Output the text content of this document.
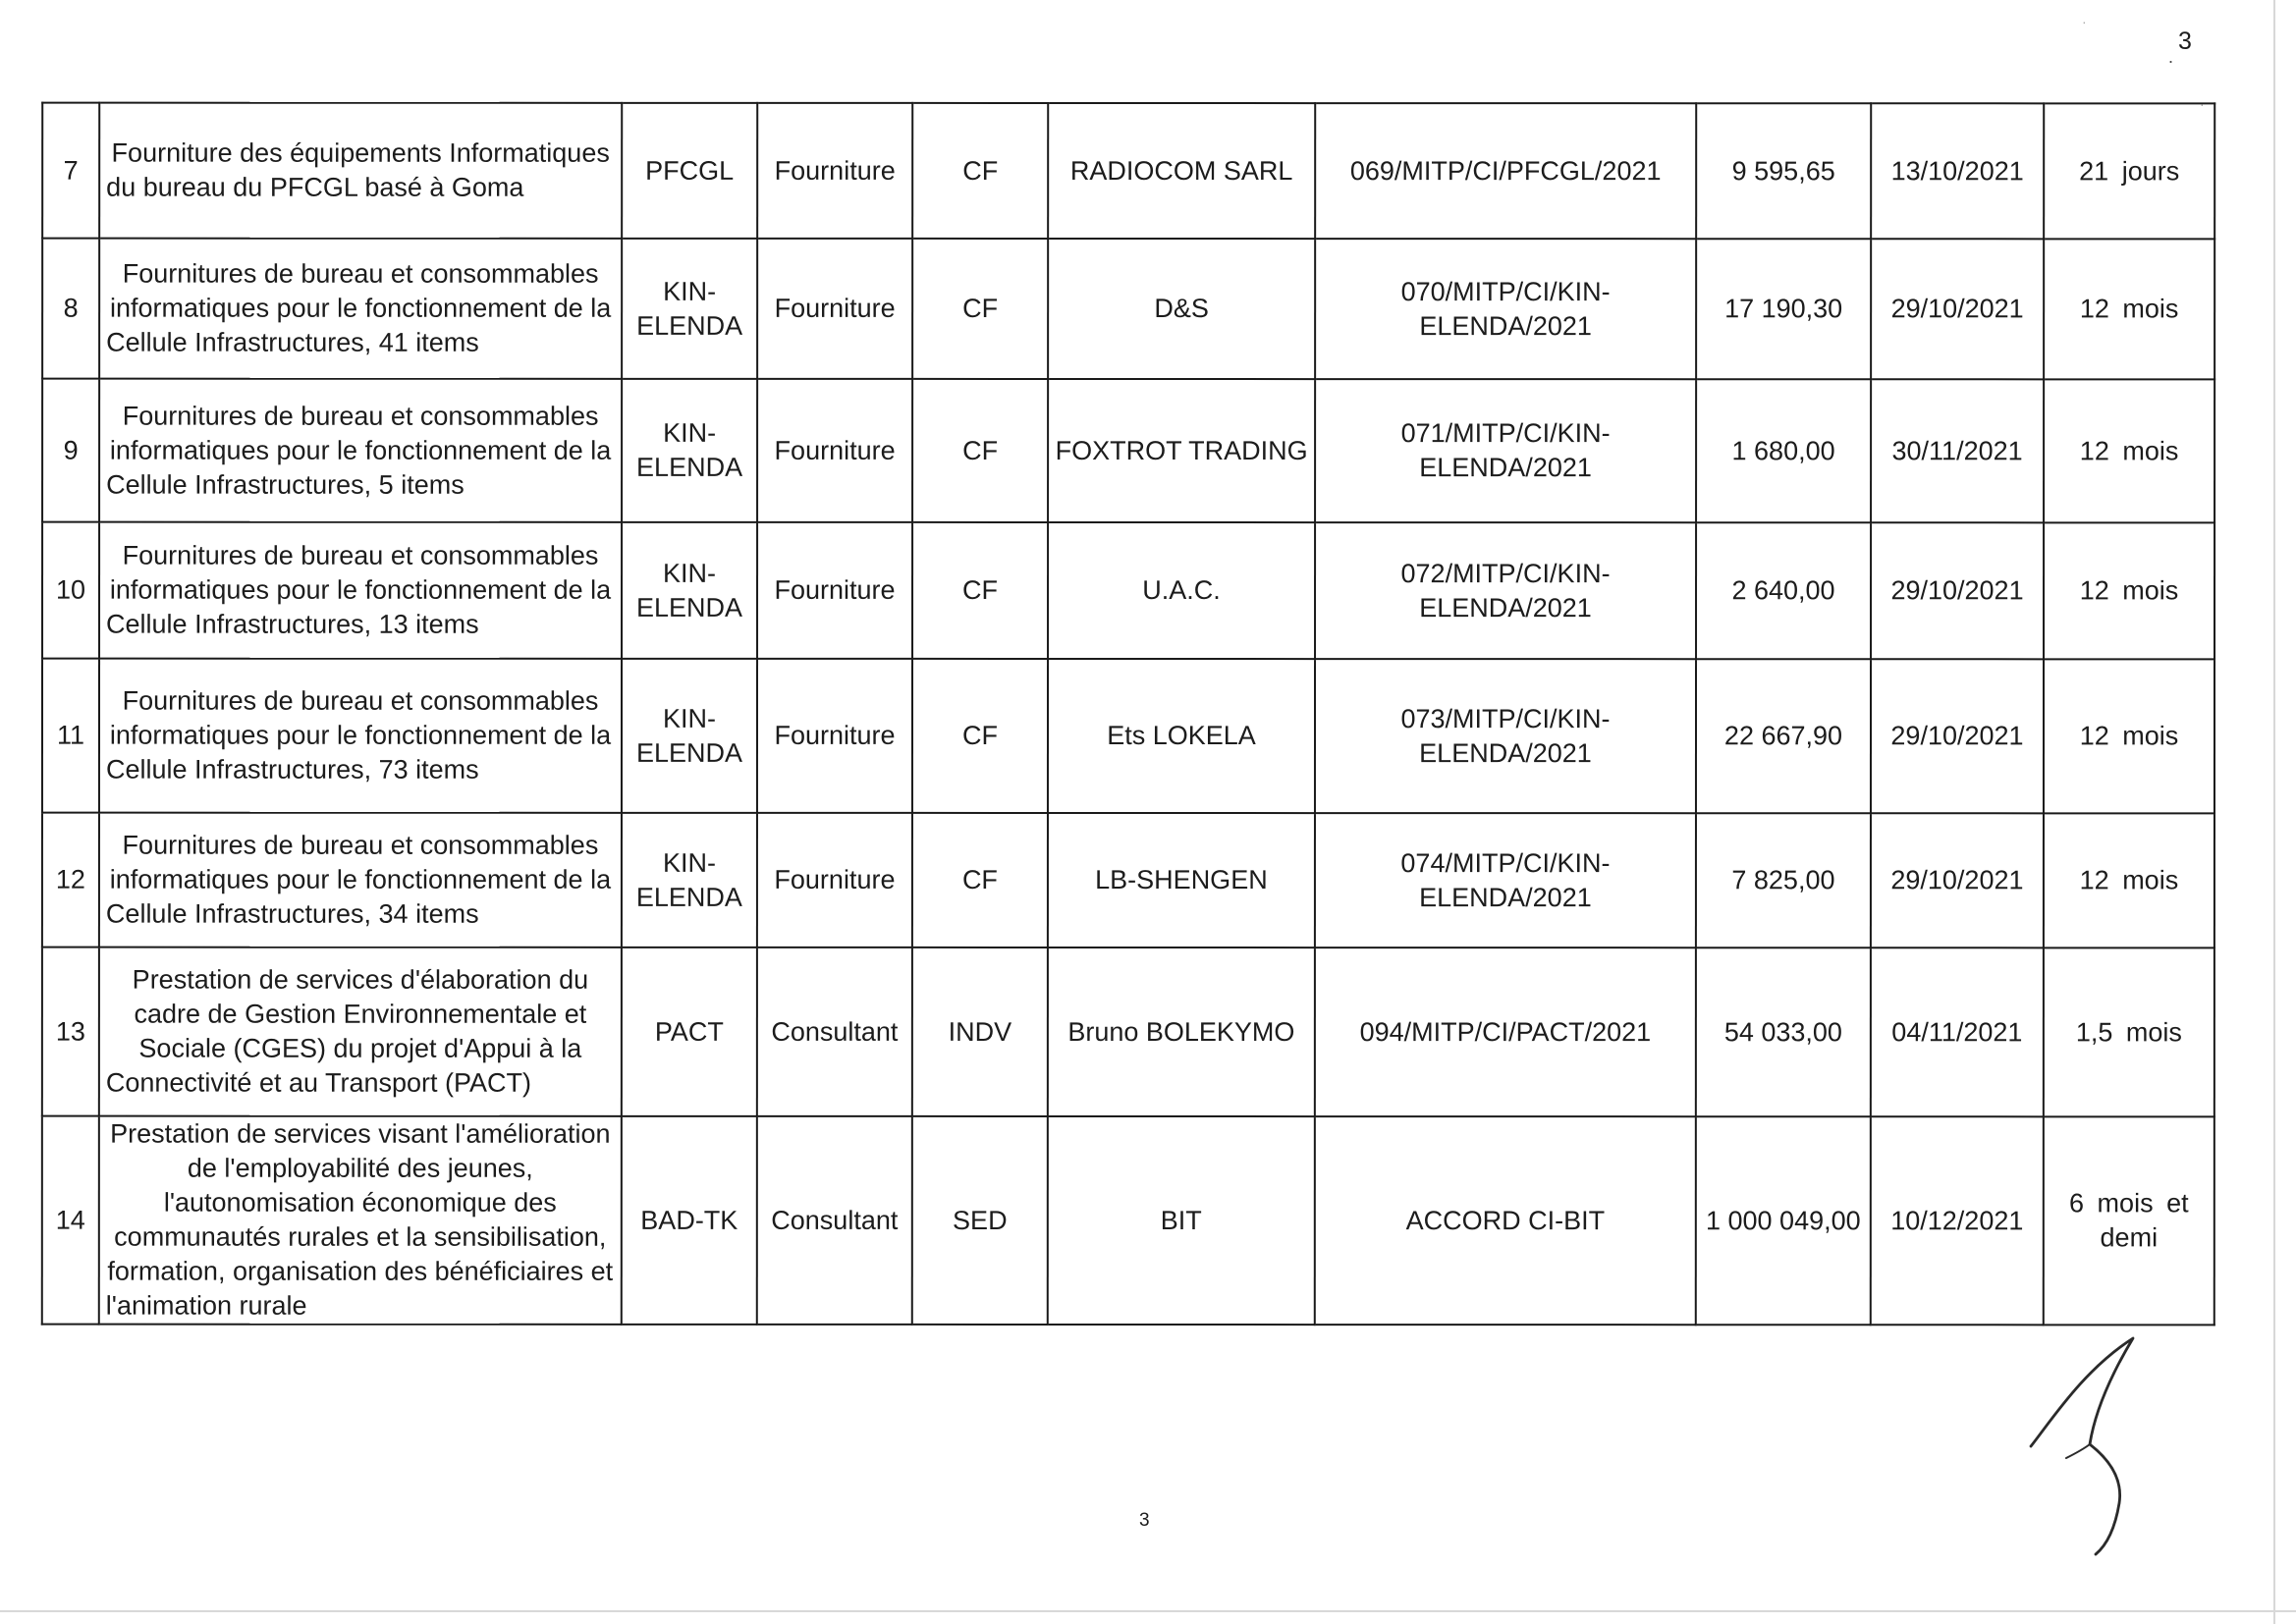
3
.
·
·
7	Fourniture des équipements Informatiques du bureau du PFCGL basé à Goma	PFCGL	Fourniture	CF	RADIOCOM SARL	069/MITP/CI/PFCGL/2021	9 595,65	13/10/2021	21 jours
8	Fournitures de bureau et consommables informatiques pour le fonctionnement de la Cellule Infrastructures, 41 items	KIN-ELENDA	Fourniture	CF	D&S	070/MITP/CI/KIN-ELENDA/2021	17 190,30	29/10/2021	12 mois
9	Fournitures de bureau et consommables informatiques pour le fonctionnement de la Cellule Infrastructures, 5 items	KIN-ELENDA	Fourniture	CF	FOXTROT TRADING	071/MITP/CI/KIN-ELENDA/2021	1 680,00	30/11/2021	12 mois
10	Fournitures de bureau et consommables informatiques pour le fonctionnement de la Cellule Infrastructures, 13 items	KIN-ELENDA	Fourniture	CF	U.A.C.	072/MITP/CI/KIN-ELENDA/2021	2 640,00	29/10/2021	12 mois
11	Fournitures de bureau et consommables informatiques pour le fonctionnement de la Cellule Infrastructures, 73 items	KIN-ELENDA	Fourniture	CF	Ets LOKELA	073/MITP/CI/KIN-ELENDA/2021	22 667,90	29/10/2021	12 mois
12	Fournitures de bureau et consommables informatiques pour le fonctionnement de la Cellule Infrastructures, 34 items	KIN-ELENDA	Fourniture	CF	LB-SHENGEN	074/MITP/CI/KIN-ELENDA/2021	7 825,00	29/10/2021	12 mois
13	Prestation de services d'élaboration du cadre de Gestion Environnementale et Sociale (CGES) du projet d'Appui à la Connectivité et au Transport (PACT)	PACT	Consultant	INDV	Bruno BOLEKYMO	094/MITP/CI/PACT/2021	54 033,00	04/11/2021	1,5 mois
14	Prestation de services visant l'amélioration de l'employabilité des jeunes, l'autonomisation économique des communautés rurales et la sensibilisation, formation, organisation des bénéficiaires et l'animation rurale	BAD-TK	Consultant	SED	BIT	ACCORD CI-BIT	1 000 049,00	10/12/2021	6 mois et demi
3
